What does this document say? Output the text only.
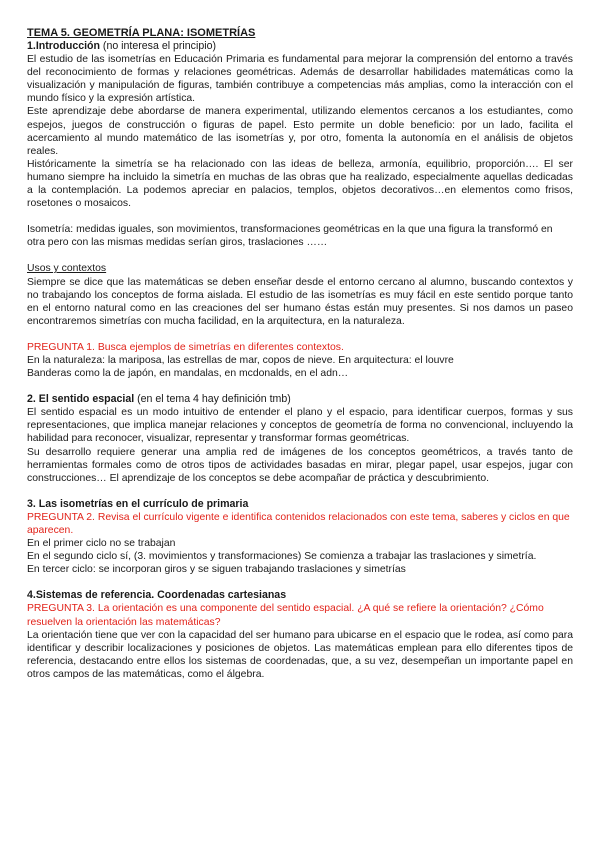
TEMA 5. GEOMETRÍA PLANA: ISOMETRÍAS
1.Introducción (no interesa el principio)

El estudio de las isometrías en Educación Primaria es fundamental para mejorar la comprensión del entorno a través del reconocimiento de formas y relaciones geométricas. Además de desarrollar habilidades matemáticas como la visualización y manipulación de figuras, también contribuye a competencias más amplias, como la interacción con el mundo físico y la expresión artística.

Este aprendizaje debe abordarse de manera experimental, utilizando elementos cercanos a los estudiantes, como espejos, juegos de construcción o figuras de papel. Esto permite un doble beneficio: por un lado, facilita el acercamiento al mundo matemático de las isometrías y, por otro, fomenta la autonomía en el análisis de objetos reales.

Históricamente la simetría se ha relacionado con las ideas de belleza, armonía, equilibrio, proporción…. El ser humano siempre ha incluido la simetría en muchas de las obras que ha realizado, especialmente aquellas dedicadas a la contemplación. La podemos apreciar en palacios, templos, objetos decorativos…en elementos como frisos, rosetones o mosaicos.

Isometría: medidas iguales, son movimientos, transformaciones geométricas en la que una figura la transformó en otra pero con las mismas medidas serían giros, traslaciones ……

Usos y contextos

Siempre se dice que las matemáticas se deben enseñar desde el entorno cercano al alumno, buscando contextos y no trabajando los conceptos de forma aislada. El estudio de las isometrías es muy fácil en este sentido porque tanto en el entorno natural como en las creaciones del ser humano éstas están muy presentes. Si nos damos un paseo encontraremos simetrías con mucha facilidad, en la arquitectura, en la naturaleza.

PREGUNTA 1. Busca ejemplos de simetrías en diferentes contextos.

En la naturaleza: la mariposa, las estrellas de mar, copos de nieve. En arquitectura: el louvre

Banderas como la de japón, en mandalas, en mcdonalds, en el adn…

2. El sentido espacial (en el tema 4 hay definición tmb)

El sentido espacial es un modo intuitivo de entender el plano y el espacio, para identificar cuerpos, formas y sus representaciones, que implica manejar relaciones y conceptos de geometría de forma no convencional, incluyendo la habilidad para reconocer, visualizar, representar y transformar formas geométricas.

Su desarrollo requiere generar una amplia red de imágenes de los conceptos geométricos, a través tanto de herramientas formales como de otros tipos de actividades basadas en mirar, plegar papel, usar espejos, jugar con construcciones… El aprendizaje de los conceptos se debe acompañar de práctica y descubrimiento.

3. Las isometrías en el currículo de primaria

PREGUNTA 2. Revisa el currículo vigente e identifica contenidos relacionados con este tema, saberes y ciclos en que aparecen.

En el primer ciclo no se trabajan

En el segundo ciclo sí, (3. movimientos y transformaciones) Se comienza a trabajar las traslaciones y simetría.

En tercer ciclo: se incorporan giros y se siguen trabajando traslaciones y simetrías

4.Sistemas de referencia. Coordenadas cartesianas

PREGUNTA 3. La orientación es una componente del sentido espacial. ¿A qué se refiere la orientación? ¿Cómo resuelven la orientación las matemáticas?

La orientación tiene que ver con la capacidad del ser humano para ubicarse en el espacio que le rodea, así como para identificar y describir localizaciones y posiciones de objetos. Las matemáticas emplean para ello diferentes tipos de referencia, destacando entre ellos los sistemas de coordenadas, que, a su vez, desempeñan un importante papel en otros campos de las matemáticas, como el álgebra.
